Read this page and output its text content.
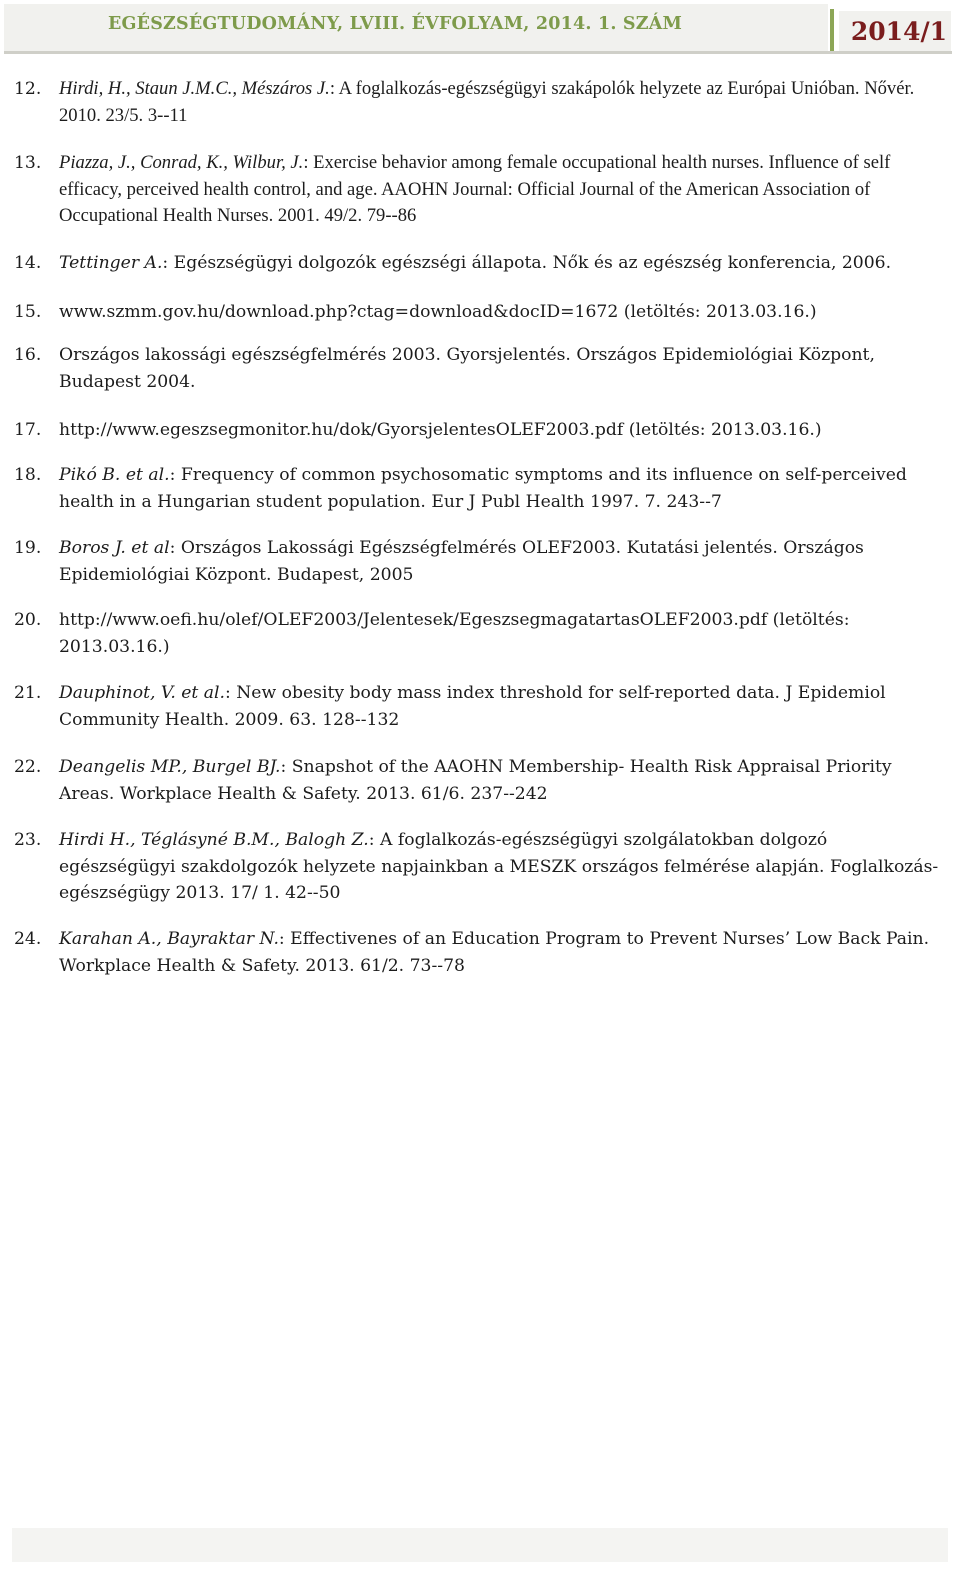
EGÉSZSÉGTUDOMÁNY, LVIII. ÉVFOLYAM, 2014. 1. SZÁM	2014/1
12. Hirdi, H., Staun J.M.C., Mészáros J.: A foglalkozás-egészségügyi szakápolók helyzete az Európai Unióban. Nővér. 2010. 23/5. 3--11
13. Piazza, J., Conrad, K., Wilbur, J.: Exercise behavior among female occupational health nurses. Influence of self efficacy, perceived health control, and age. AAOHN Journal: Official Journal of the American Association of Occupational Health Nurses. 2001. 49/2. 79--86
14.	Tettinger A.: Egészségügyi dolgozók egészségi állapota. Nők és az egészség konferencia, 2006.
15.	www.szmm.gov.hu/download.php?ctag=download&docID=1672 (letöltés: 2013.03.16.)
16.	Országos lakossági egészségfelmérés 2003. Gyorsjelentés. Országos Epidemiológiai Központ, Budapest 2004.
17.	http://www.egeszsegmonitor.hu/dok/GyorsjelentesOLEF2003.pdf (letöltés: 2013.03.16.)
18.	Pikó B. et al.: Frequency of common psychosomatic symptoms and its influence on self-perceived health in a Hungarian student population. Eur J Publ Health 1997. 7. 243--7
19.	Boros J. et al: Országos Lakossági Egészségfelmérés OLEF2003. Kutatási jelentés. Országos Epidemiológiai Központ. Budapest, 2005
20.	http://www.oefi.hu/olef/OLEF2003/Jelentesek/EgeszsegmagatartasOLEF2003.pdf (letöltés: 2013.03.16.)
21.	Dauphinot, V. et al.: New obesity body mass index threshold for self-reported data. J Epidemiol Community Health. 2009. 63. 128--132
22.	Deangelis MP., Burgel BJ.: Snapshot of the AAOHN Membership- Health Risk Appraisal Priority Areas. Workplace Health & Safety. 2013. 61/6. 237--242
23.	Hirdi H., Téglásyné B.M., Balogh Z.: A foglalkozás-egészségügyi szolgálatokban dolgozó egészségügyi szakdolgozók helyzete napjainkban a MESZK országos felmérése alapján. Foglalkozás-egészségügy 2013. 17/ 1. 42--50
24.	Karahan A., Bayraktar N.: Effectivenes of an Education Program to Prevent Nurses’ Low Back Pain. Workplace Health & Safety. 2013. 61/2. 73--78
